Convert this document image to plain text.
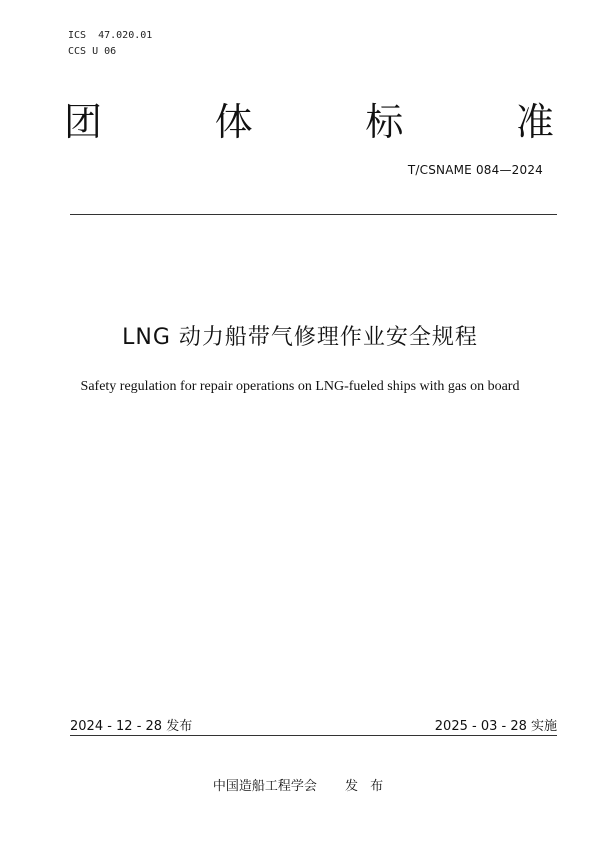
ICS  47.020.01
CCS U 06
团	体	标	准
T/CSNAME 084—2024
LNG 动力船带气修理作业安全规程
Safety regulation for repair operations on LNG-fueled ships with gas on board
2024 - 12 - 28 发布	2025 - 03 - 28 实施
中国造船工程学会 发 布
